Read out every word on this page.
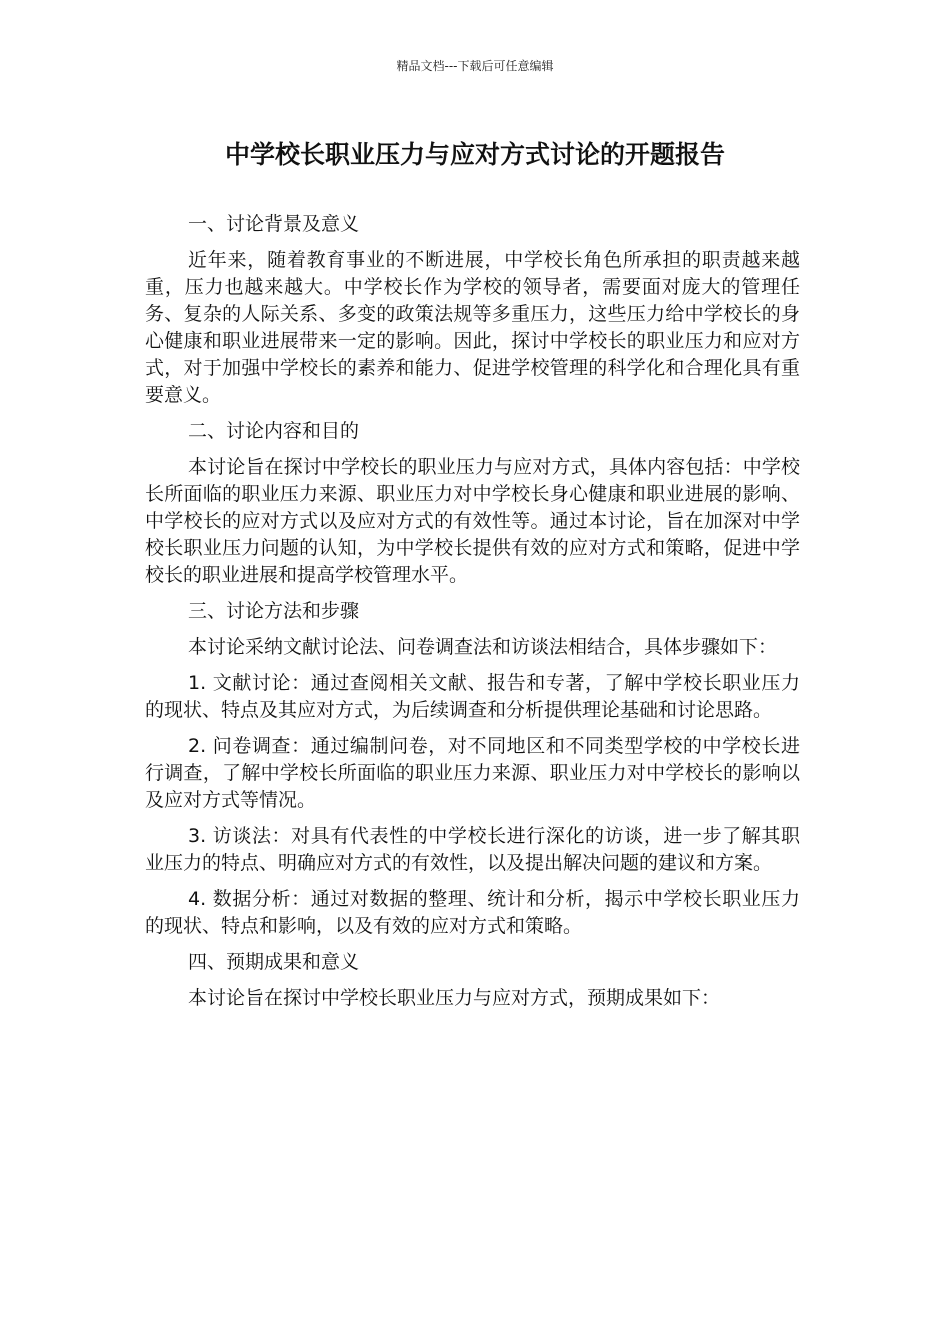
精品文档---下载后可任意编辑
中学校长职业压力与应对方式讨论的开题报告

一、讨论背景及意义

近年来，随着教育事业的不断进展，中学校长角色所承担的职责越来越重，压力也越来越大。中学校长作为学校的领导者，需要面对庞大的管理任务、复杂的人际关系、多变的政策法规等多重压力，这些压力给中学校长的身心健康和职业进展带来一定的影响。因此，探讨中学校长的职业压力和应对方式，对于加强中学校长的素养和能力、促进学校管理的科学化和合理化具有重要意义。

二、讨论内容和目的

本讨论旨在探讨中学校长的职业压力与应对方式，具体内容包括：中学校长所面临的职业压力来源、职业压力对中学校长身心健康和职业进展的影响、中学校长的应对方式以及应对方式的有效性等。通过本讨论，旨在加深对中学校长职业压力问题的认知，为中学校长提供有效的应对方式和策略，促进中学校长的职业进展和提高学校管理水平。

三、讨论方法和步骤

本讨论采纳文献讨论法、问卷调查法和访谈法相结合，具体步骤如下：

1. 文献讨论：通过查阅相关文献、报告和专著，了解中学校长职业压力的现状、特点及其应对方式，为后续调查和分析提供理论基础和讨论思路。

2. 问卷调查：通过编制问卷，对不同地区和不同类型学校的中学校长进行调查，了解中学校长所面临的职业压力来源、职业压力对中学校长的影响以及应对方式等情况。

3. 访谈法：对具有代表性的中学校长进行深化的访谈，进一步了解其职业压力的特点、明确应对方式的有效性，以及提出解决问题的建议和方案。

4. 数据分析：通过对数据的整理、统计和分析，揭示中学校长职业压力的现状、特点和影响，以及有效的应对方式和策略。

四、预期成果和意义

本讨论旨在探讨中学校长职业压力与应对方式，预期成果如下：
